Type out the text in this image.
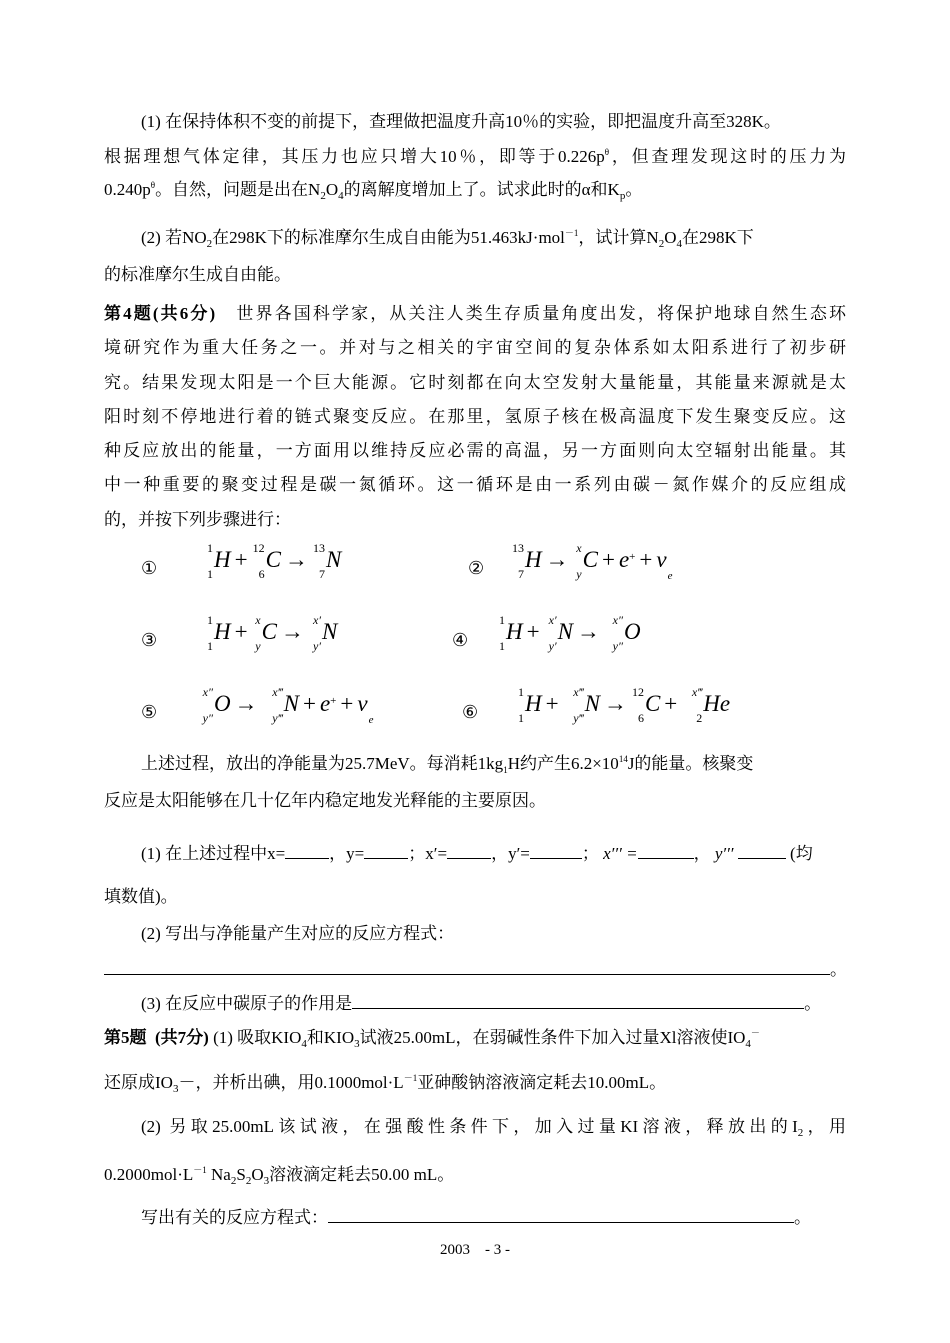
(1) 在保持体积不变的前提下，查理做把温度升高10％的实验，即把温度升高至328K。
根据理想气体定律，其压力也应只增大10％，即等于$0.226p^\theta$，但查理发现这时的压力为
$0.240p^\theta$。自然，问题是出在$N_2O_4$的离解度增加上了。试求此时的α和$K_p$。
(2) 若$NO_2$在298K下的标准摩尔生成自由能为51.463kJ·mol$^{-1}$，试计算$N_2O_4$在298K下
的标准摩尔生成自由能。
第4题(共6分)　 世界各国科学家，从关注人类生存质量角度出发，将保护地球自然生态环
境研究作为重大任务之一。并对与之相关的宇宙空间的复杂体系如太阳系进行了初步研
究。结果发现太阳是一个巨大能源。它时刻都在向太空发射大量能量，其能量来源就是太
阳时刻不停地进行着的链式聚变反应。在那里，氢原子核在极高温度下发生聚变反应。这
种反应放出的能量，一方面用以维持反应必需的高温，另一方面则向太空辐射出能量。其
中一种重要的聚变过程是碳一氮循环。这一循环是由一系列由碳－氮作媒介的反应组成
的，并按下列步骤进行：
①
1
1
H + 12
6
C → 13
7
N	②
13
7
H → x
y
$C + e^+ + v_e$
③
1
1
H + x
y
C → x′
y′
N	④
1
1
H + x′
y′
N → x″
y″
O
⑤
x″
y″
O → x‴
y‴
$N + e^+ + v_e$	⑥
1
1
H + x‴
y‴
N → 12
6
C + x‴
2
He
上述过程，放出的净能量为25.7MeV。每消耗$1kg_1H$约产生$6.2\times 10^{14}J$的能量。核聚变
反应是太阳能够在几十亿年内稳定地发光释能的主要原因。
(1) 在上述过程中x=	，y=	；x′=	，y′=	； x′′′ =	， y′′′	(均
填数值)。
(2) 写出与净能量产生对应的反应方程式：
。
(3) 在反应中碳原子的作用是	。
第5题 (共7分) (1) 吸取$KIO_4$和$KIO_3$试液25.00mL，在弱碱性条件下加入过量Xl溶液使$IO_4^-$
还原成$IO_3-$，并析出碘，用$0.1000mol\cdot L^{-1}$亚砷酸钠溶液滴定耗去10.00mL。
(2) 另取25.00mL该试液，在强酸性条件下，加入过量KI溶液，释放出的$I_2$，用
$0.2000mol\cdot L^{-1}$ $Na_2S_2O_3$溶液滴定耗去50.00 mL。
写出有关的反应方程式：	。
2003　- 3 -
